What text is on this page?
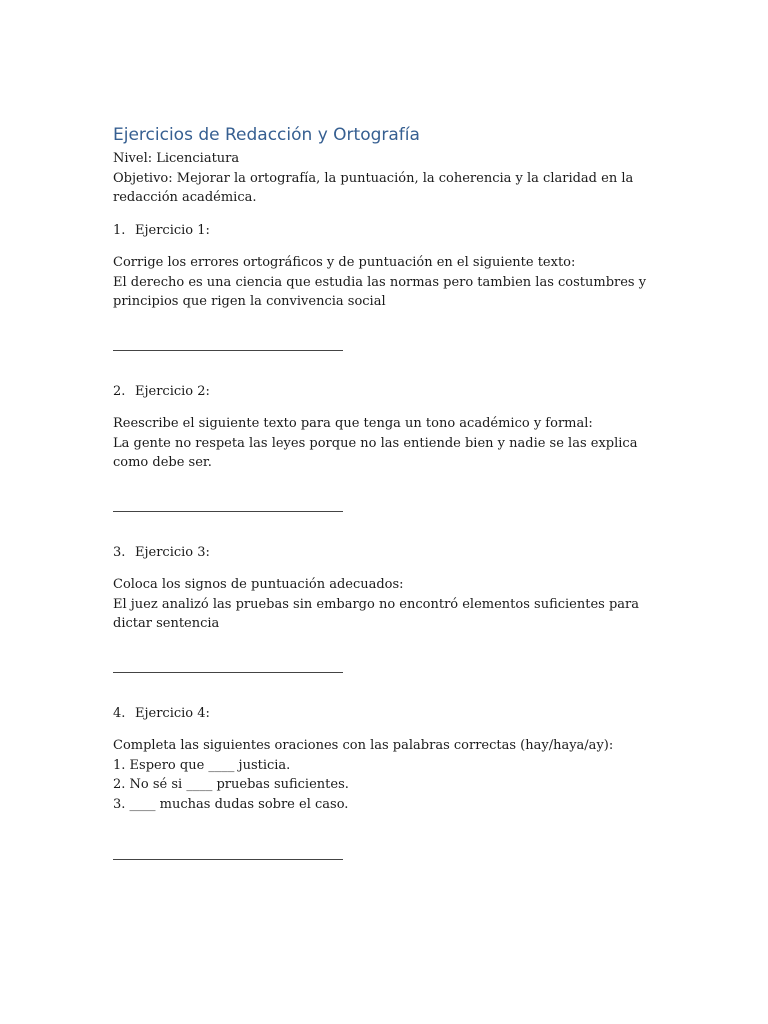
Ejercicios de Redacción y Ortografía

Nivel: Licenciatura

Objetivo: Mejorar la ortografía, la puntuación, la coherencia y la claridad en la redacción académica.

1. Ejercicio 1:

Corrige los errores ortográficos y de puntuación en el siguiente texto:

El derecho es una ciencia que estudia las normas pero tambien las costumbres y principios que rigen la convivencia social

2. Ejercicio 2:

Reescribe el siguiente texto para que tenga un tono académico y formal:

La gente no respeta las leyes porque no las entiende bien y nadie se las explica como debe ser.

3. Ejercicio 3:

Coloca los signos de puntuación adecuados:

El juez analizó las pruebas sin embargo no encontró elementos suficientes para dictar sentencia

4. Ejercicio 4:

Completa las siguientes oraciones con las palabras correctas (hay/haya/ay):

1. Espero que ____ justicia.

2. No sé si ____ pruebas suficientes.

3. ____ muchas dudas sobre el caso.
